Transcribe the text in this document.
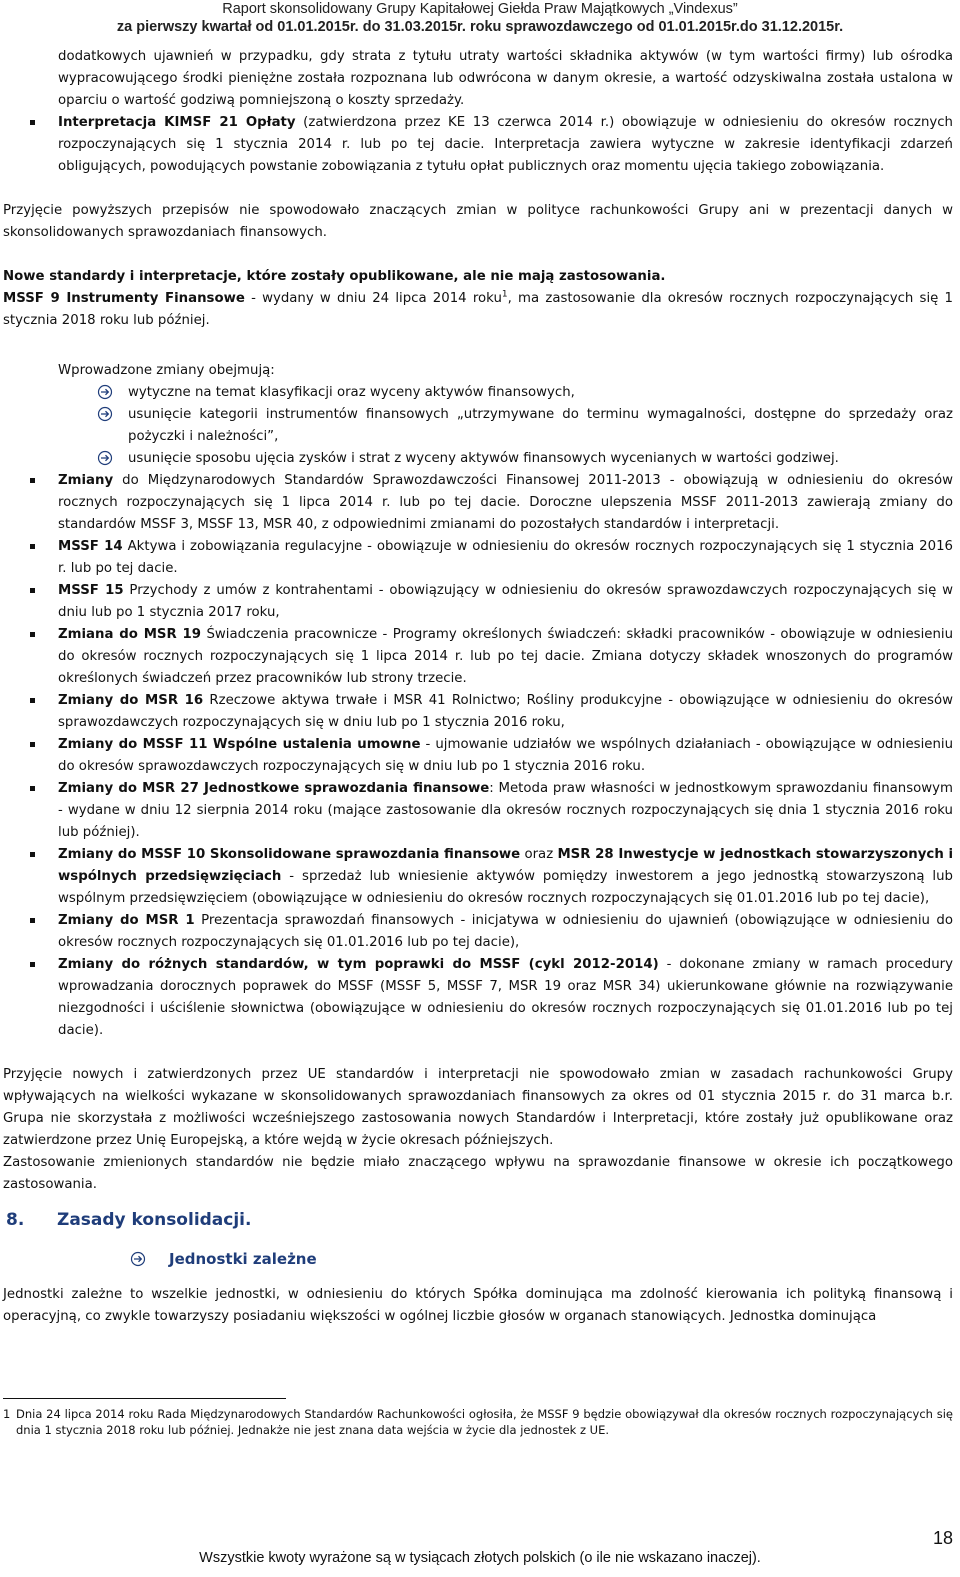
Raport skonsolidowany Grupy Kapitałowej Giełda Praw Majątkowych „Vindexus”
za pierwszy kwartał od 01.01.2015r. do 31.03.2015r. roku sprawozdawczego od 01.01.2015r.do 31.12.2015r.

dodatkowych ujawnień w przypadku, gdy strata z tytułu utraty wartości składnika aktywów (w tym wartości firmy) lub ośrodka wypracowującego środki pieniężne została rozpoznana lub odwrócona w danym okresie, a wartość odzyskiwalna została ustalona w oparciu o wartość godziwą pomniejszoną o koszty sprzedaży.

Interpretacja KIMSF 21 Opłaty (zatwierdzona przez KE 13 czerwca 2014 r.) obowiązuje w odniesieniu do okresów rocznych rozpoczynających się 1 stycznia 2014 r. lub po tej dacie. Interpretacja zawiera wytyczne w zakresie identyfikacji zdarzeń obligujących, powodujących powstanie zobowiązania z tytułu opłat publicznych oraz momentu ujęcia takiego zobowiązania.

Przyjęcie powyższych przepisów nie spowodowało znaczących zmian w polityce rachunkowości Grupy ani w prezentacji danych w skonsolidowanych sprawozdaniach finansowych.

Nowe standardy i interpretacje, które zostały opublikowane, ale nie mają zastosowania.

MSSF 9 Instrumenty Finansowe - wydany w dniu 24 lipca 2014 roku$^1$, ma zastosowanie dla okresów rocznych rozpoczynających się 1 stycznia 2018 roku lub później.

Wprowadzone zmiany obejmują:

wytyczne na temat klasyfikacji oraz wyceny aktywów finansowych,
usunięcie kategorii instrumentów finansowych „utrzymywane do terminu wymagalności, dostępne do sprzedaży oraz pożyczki i należności”,
usunięcie sposobu ujęcia zysków i strat z wyceny aktywów finansowych wycenianych w wartości godziwej.
Zmiany do Międzynarodowych Standardów Sprawozdawczości Finansowej 2011-2013 - obowiązują w odniesieniu do okresów rocznych rozpoczynających się 1 lipca 2014 r. lub po tej dacie. Doroczne ulepszenia MSSF 2011-2013 zawierają zmiany do standardów MSSF 3, MSSF 13, MSR 40, z odpowiednimi zmianami do pozostałych standardów i interpretacji.
MSSF 14 Aktywa i zobowiązania regulacyjne - obowiązuje w odniesieniu do okresów rocznych rozpoczynających się 1 stycznia 2016 r. lub po tej dacie.
MSSF 15 Przychody z umów z kontrahentami - obowiązujący w odniesieniu do okresów sprawozdawczych rozpoczynających się w dniu lub po 1 stycznia 2017 roku,
Zmiana do MSR 19 Świadczenia pracownicze - Programy określonych świadczeń: składki pracowników - obowiązuje w odniesieniu do okresów rocznych rozpoczynających się 1 lipca 2014 r. lub po tej dacie. Zmiana dotyczy składek wnoszonych do programów określonych świadczeń przez pracowników lub strony trzecie.
Zmiany do MSR 16 Rzeczowe aktywa trwałe i MSR 41 Rolnictwo; Rośliny produkcyjne - obowiązujące w odniesieniu do okresów sprawozdawczych rozpoczynających się w dniu lub po 1 stycznia 2016 roku,
Zmiany do MSSF 11 Wspólne ustalenia umowne - ujmowanie udziałów we wspólnych działaniach - obowiązujące w odniesieniu do okresów sprawozdawczych rozpoczynających się w dniu lub po 1 stycznia 2016 roku.
Zmiany do MSR 27 Jednostkowe sprawozdania finansowe: Metoda praw własności w jednostkowym sprawozdaniu finansowym - wydane w dniu 12 sierpnia 2014 roku (mające zastosowanie dla okresów rocznych rozpoczynających się dnia 1 stycznia 2016 roku lub później).
Zmiany do MSSF 10 Skonsolidowane sprawozdania finansowe oraz MSR 28 Inwestycje w jednostkach stowarzyszonych i wspólnych przedsięwzięciach - sprzedaż lub wniesienie aktywów pomiędzy inwestorem a jego jednostką stowarzyszoną lub wspólnym przedsięwzięciem (obowiązujące w odniesieniu do okresów rocznych rozpoczynających się 01.01.2016 lub po tej dacie),
Zmiany do MSR 1 Prezentacja sprawozdań finansowych - inicjatywa w odniesieniu do ujawnień (obowiązujące w odniesieniu do okresów rocznych rozpoczynających się 01.01.2016 lub po tej dacie),
Zmiany do różnych standardów, w tym poprawki do MSSF (cykl 2012-2014) - dokonane zmiany w ramach procedury wprowadzania dorocznych poprawek do MSSF (MSSF 5, MSSF 7, MSR 19 oraz MSR 34) ukierunkowane głównie na rozwiązywanie niezgodności i uściślenie słownictwa (obowiązujące w odniesieniu do okresów rocznych rozpoczynających się 01.01.2016 lub po tej dacie).

Przyjęcie nowych i zatwierdzonych przez UE standardów i interpretacji nie spowodowało zmian w zasadach rachunkowości Grupy wpływających na wielkości wykazane w skonsolidowanych sprawozdaniach finansowych za okres od 01 stycznia 2015 r. do 31 marca b.r. Grupa nie skorzystała z możliwości wcześniejszego zastosowania nowych Standardów i Interpretacji, które zostały już opublikowane oraz zatwierdzone przez Unię Europejską, a które wejdą w życie okresach późniejszych.

Zastosowanie zmienionych standardów nie będzie miało znaczącego wpływu na sprawozdanie finansowe w okresie ich początkowego zastosowania.

8. Zasady konsolidacji.
Jednostki zależne

Jednostki zależne to wszelkie jednostki, w odniesieniu do których Spółka dominująca ma zdolność kierowania ich polityką finansową i operacyjną, co zwykle towarzyszy posiadaniu większości w ogólnej liczbie głosów w organach stanowiących. Jednostka dominująca

1 Dnia 24 lipca 2014 roku Rada Międzynarodowych Standardów Rachunkowości ogłosiła, że MSSF 9 będzie obowiązywał dla okresów rocznych rozpoczynających się dnia 1 stycznia 2018 roku lub później. Jednakże nie jest znana data wejścia w życie dla jednostek z UE.
18
Wszystkie kwoty wyrażone są w tysiącach złotych polskich (o ile nie wskazano inaczej).
